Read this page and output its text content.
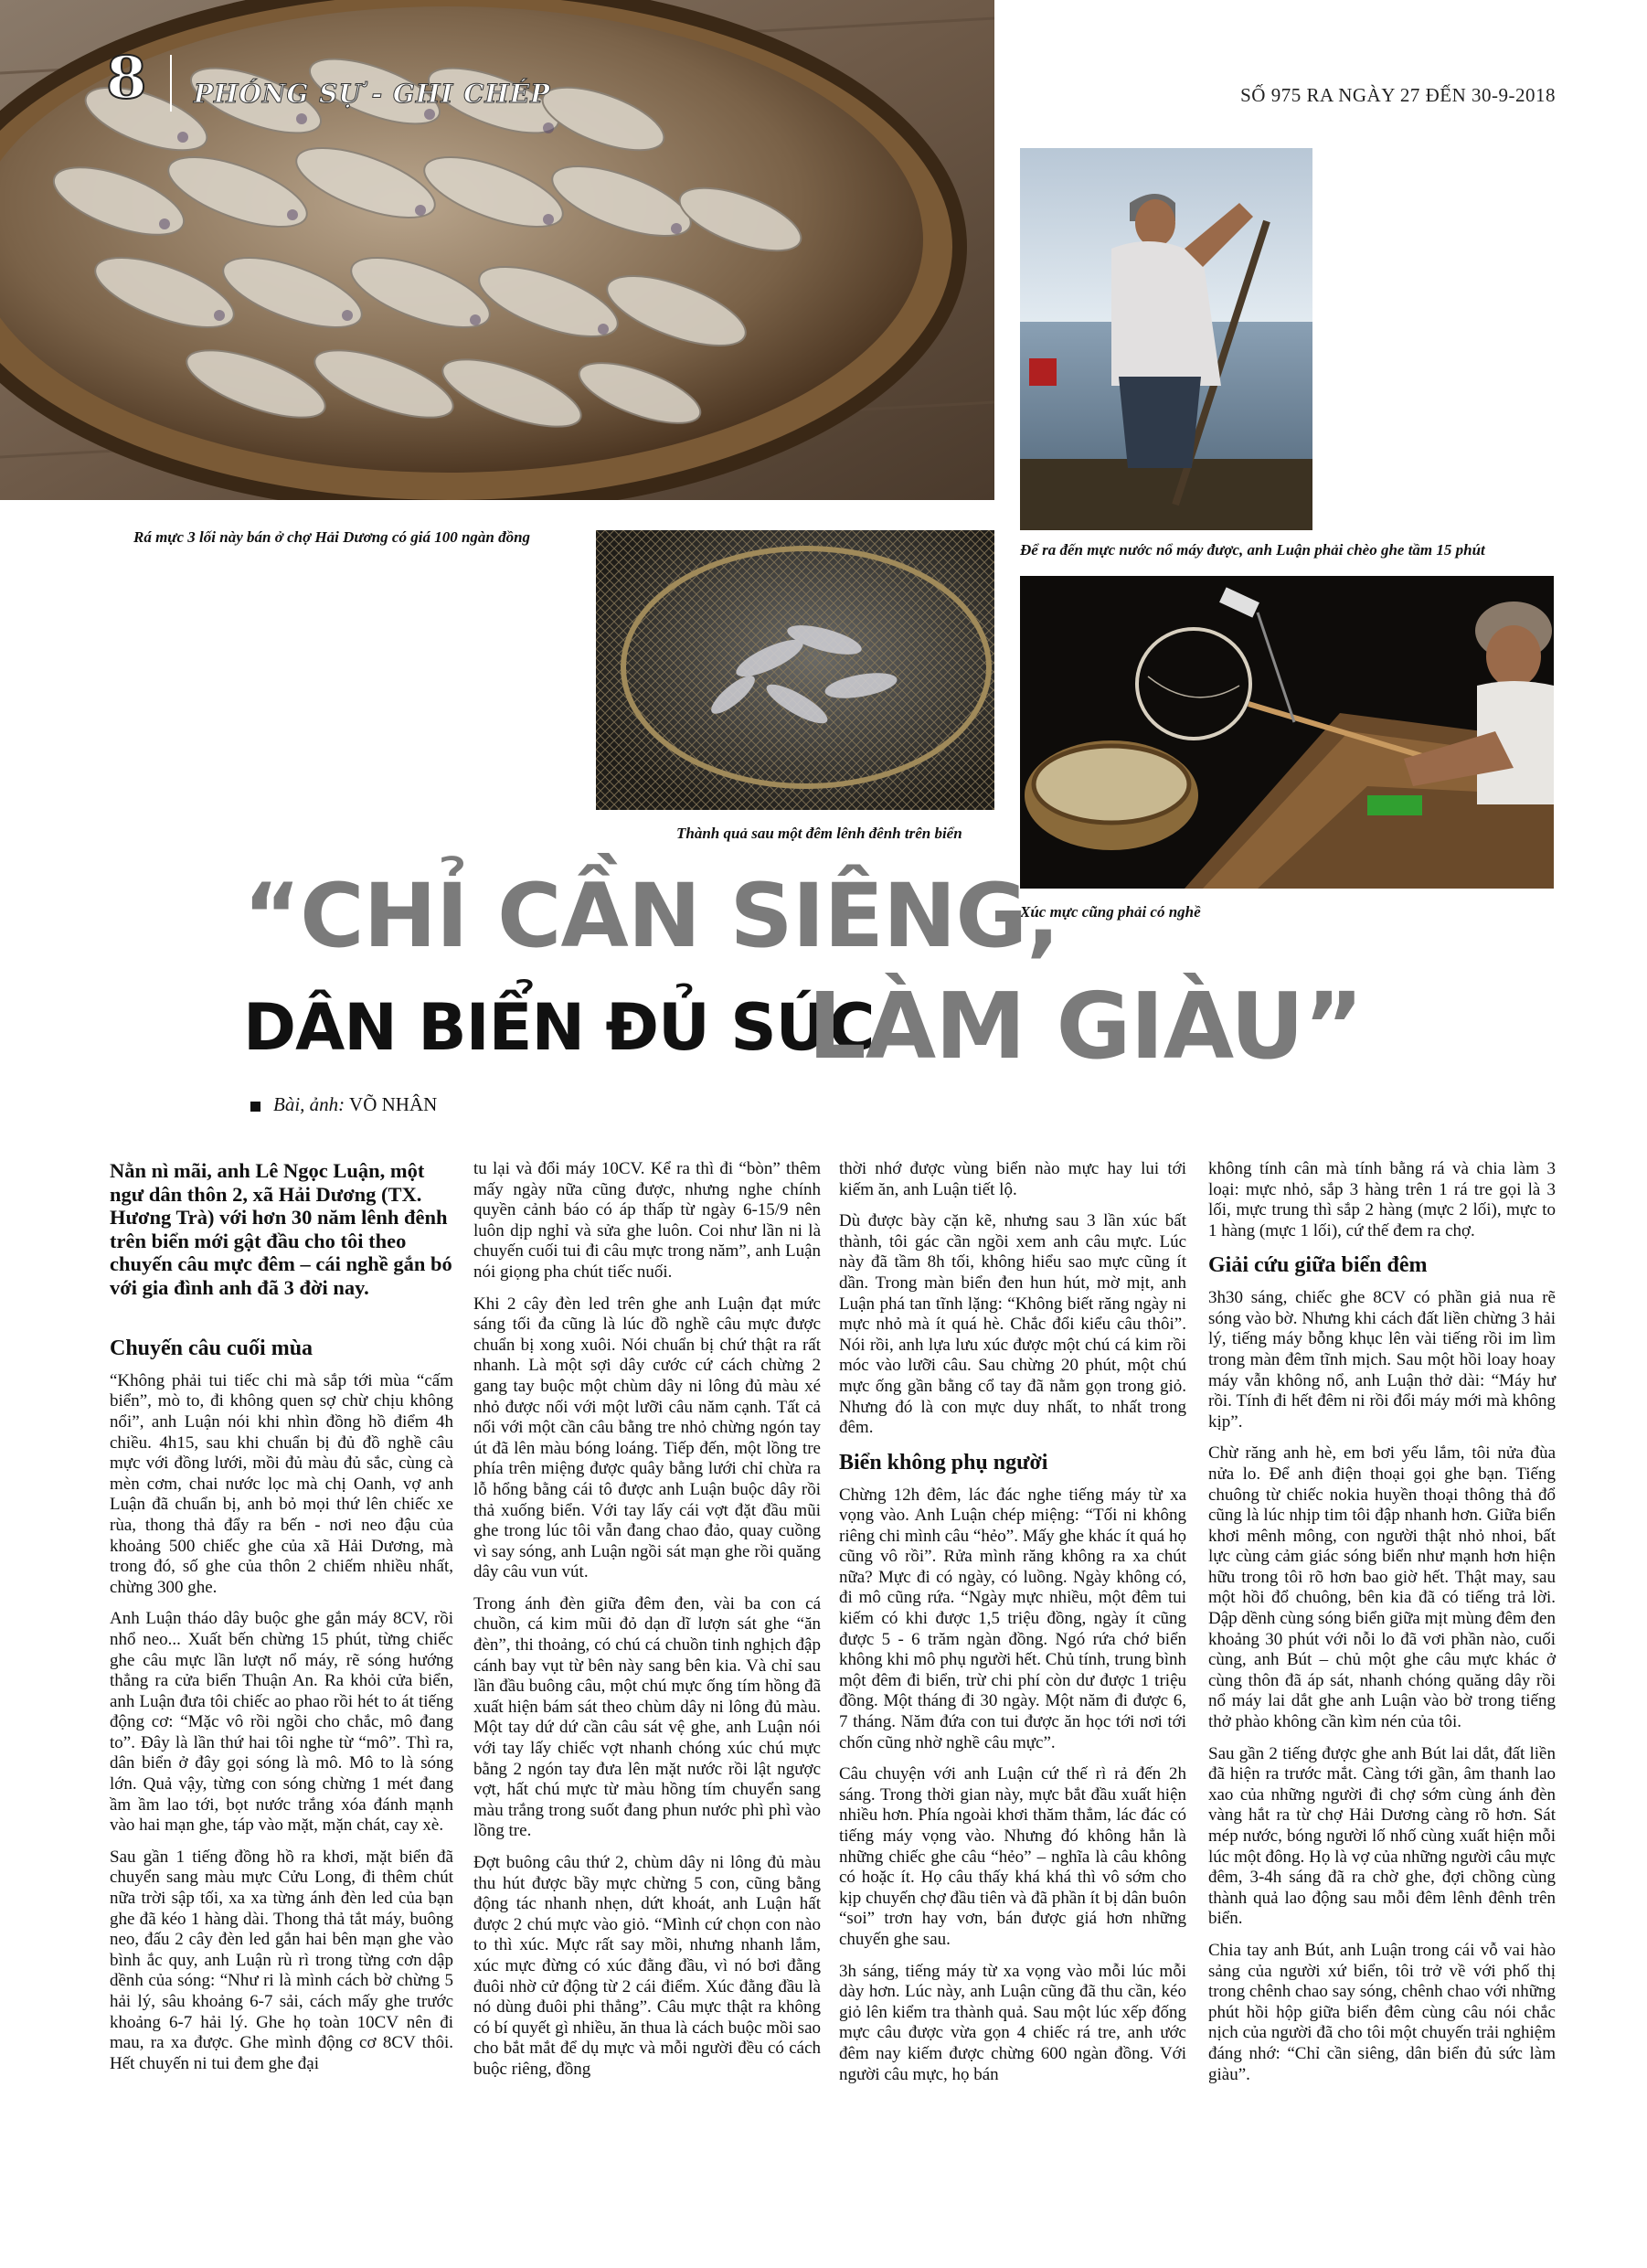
8 PHÓNG SỰ - GHI CHÉP	SỐ 975 RA NGÀY 27 ĐẾN 30-9-2018
Để ra đến mực nước nổ máy được, anh Luận phải chèo ghe tầm 15 phút
Rá mực 3 lối này bán ở chợ Hải Dương có giá 100 ngàn đồng
Thành quả sau một đêm lênh đênh trên biển
Xúc mực cũng phải có nghề
“CHỈ CẦN SIÊNG,
DÂN BIỂN ĐỦ SỨC
LÀM GIÀU”
Bài, ảnh: VÕ NHÂN

Nằn nì mãi, anh Lê Ngọc Luận, một ngư dân thôn 2, xã Hải Dương (TX. Hương Trà) với hơn 30 năm lênh đênh trên biển mới gật đầu cho tôi theo chuyến câu mực đêm – cái nghề gắn bó với gia đình anh đã 3 đời nay.

Chuyến câu cuối mùa

“Không phải tui tiếc chi mà sắp tới mùa “cấm biển”, mò to, đi không quen sợ chừ chịu không nổi”, anh Luận nói khi nhìn đồng hồ điểm 4h chiều. 4h15, sau khi chuẩn bị đủ đồ nghề câu mực với đồng lưới, mồi đủ màu đủ sắc, cùng cà mèn cơm, chai nước lọc mà chị Oanh, vợ anh Luận đã chuẩn bị, anh bỏ mọi thứ lên chiếc xe rùa, thong thả đẩy ra bến - nơi neo đậu của khoảng 500 chiếc ghe của xã Hải Dương, mà trong đó, số ghe của thôn 2 chiếm nhiều nhất, chừng 300 ghe.

Anh Luận tháo dây buộc ghe gắn máy 8CV, rồi nhổ neo... Xuất bến chừng 15 phút, từng chiếc ghe câu mực lần lượt nổ máy, rẽ sóng hướng thẳng ra cửa biển Thuận An. Ra khỏi cửa biển, anh Luận đưa tôi chiếc ao phao rồi hét to át tiếng động cơ: “Mặc vô rồi ngồi cho chắc, mô đang to”. Đây là lần thứ hai tôi nghe từ “mô”. Thì ra, dân biển ở đây gọi sóng là mô. Mô to là sóng lớn. Quả vậy, từng con sóng chừng 1 mét đang ầm ầm lao tới, bọt nước trắng xóa đánh mạnh vào hai mạn ghe, táp vào mặt, mặn chát, cay xè.

Sau gần 1 tiếng đồng hồ ra khơi, mặt biển đã chuyển sang màu mực Cửu Long, đi thêm chút nữa trời sập tối, xa xa từng ánh đèn led của bạn ghe đã kéo 1 hàng dài. Thong thả tắt máy, buông neo, đấu 2 cây đèn led gắn hai bên mạn ghe vào bình ắc quy, anh Luận rù rì trong từng cơn dập dềnh của sóng: “Như ri là mình cách bờ chừng 5 hải lý, sâu khoảng 6-7 sải, cách mấy ghe trước khoảng 6-7 hải lý. Ghe họ toàn 10CV nên đi mau, ra xa được. Ghe mình động cơ 8CV thôi. Hết chuyến ni tui đem ghe đại

tu lại và đổi máy 10CV. Kể ra thì đi “bòn” thêm mấy ngày nữa cũng được, nhưng nghe chính quyền cảnh báo có áp thấp từ ngày 6-15/9 nên luôn dịp nghỉ và sửa ghe luôn. Coi như lần ni là chuyến cuối tui đi câu mực trong năm”, anh Luận nói giọng pha chút tiếc nuối.

Khi 2 cây đèn led trên ghe anh Luận đạt mức sáng tối đa cũng là lúc đồ nghề câu mực được chuẩn bị xong xuôi. Nói chuẩn bị chứ thật ra rất nhanh. Là một sợi dây cước cứ cách chừng 2 gang tay buộc một chùm dây ni lông đủ màu xé nhỏ được nối với một lưỡi câu năm cạnh. Tất cả nối với một cần câu bằng tre nhỏ chừng ngón tay út đã lên màu bóng loáng. Tiếp đến, một lồng tre phía trên miệng được quây bằng lưới chỉ chừa ra lỗ hổng bằng cái tô được anh Luận buộc dây rồi thả xuống biển. Với tay lấy cái vợt đặt đầu mũi ghe trong lúc tôi vẫn đang chao đảo, quay cuồng vì say sóng, anh Luận ngồi sát mạn ghe rồi quăng dây câu vun vút.

Trong ánh đèn giữa đêm đen, vài ba con cá chuồn, cá kim mũi đỏ dạn dĩ lượn sát ghe “ăn đèn”, thi thoảng, có chú cá chuồn tinh nghịch đập cánh bay vụt từ bên này sang bên kia. Và chỉ sau lần đầu buông câu, một chú mực ống tím hồng đã xuất hiện bám sát theo chùm dây ni lông đủ màu. Một tay dứ dứ cần câu sát vệ ghe, anh Luận nói với tay lấy chiếc vợt nhanh chóng xúc chú mực bằng 2 ngón tay đưa lên mặt nước rồi lật ngược vợt, hất chú mực từ màu hồng tím chuyển sang màu trắng trong suốt đang phun nước phì phì vào lồng tre.

Đợt buông câu thứ 2, chùm dây ni lông đủ màu thu hút được bầy mực chừng 5 con, cũng bằng động tác nhanh nhẹn, dứt khoát, anh Luận hất được 2 chú mực vào giỏ. “Mình cứ chọn con nào to thì xúc. Mực rất say mồi, nhưng nhanh lắm, xúc mực đừng có xúc đằng đầu, vì nó bơi đằng đuôi nhờ cử động từ 2 cái điểm. Xúc đằng đầu là nó dùng đuôi phi thẳng”. Câu mực thật ra không có bí quyết gì nhiều, ăn thua là cách buộc mồi sao cho bắt mắt để dụ mực và mỗi người đều có cách buộc riêng, đồng

thời nhớ được vùng biển nào mực hay lui tới kiếm ăn, anh Luận tiết lộ.

Dù được bày cặn kẽ, nhưng sau 3 lần xúc bất thành, tôi gác cần ngồi xem anh câu mực. Lúc này đã tầm 8h tối, không hiểu sao mực cũng ít dần. Trong màn biển đen hun hút, mờ mịt, anh Luận phá tan tĩnh lặng: “Không biết răng ngày ni mực nhỏ mà ít quá hè. Chắc đổi kiểu câu thôi”. Nói rồi, anh lựa lưu xúc được một chú cá kim rồi móc vào lưỡi câu. Sau chừng 20 phút, một chú mực ống gần bằng cổ tay đã nằm gọn trong giỏ. Nhưng đó là con mực duy nhất, to nhất trong đêm.

Biển không phụ người

Chừng 12h đêm, lác đác nghe tiếng máy từ xa vọng vào. Anh Luận chép miệng: “Tối ni không riêng chi mình câu “hẻo”. Mấy ghe khác ít quá họ cũng vô rồi”. Rửa mình răng không ra xa chút nữa? Mực đi có ngày, có luồng. Ngày không có, đi mô cũng rứa. “Ngày mực nhiều, một đêm tui kiếm có khi được 1,5 triệu đồng, ngày ít cũng được 5 - 6 trăm ngàn đồng. Ngó rứa chớ biển không khi mô phụ người hết. Chủ tính, trung bình một đêm đi biển, trừ chi phí còn dư được 1 triệu đồng. Một tháng đi 30 ngày. Một năm đi được 6, 7 tháng. Năm đứa con tui được ăn học tới nơi tới chốn cũng nhờ nghề câu mực”.

Câu chuyện với anh Luận cứ thế rì rả đến 2h sáng. Trong thời gian này, mực bắt đầu xuất hiện nhiều hơn. Phía ngoài khơi thăm thẳm, lác đác có tiếng máy vọng vào. Nhưng đó không hẳn là những chiếc ghe câu “hẻo” – nghĩa là câu không có hoặc ít. Họ câu thấy khá khá thì vô sớm cho kịp chuyến chợ đầu tiên và đã phần ít bị dân buôn “soi” trơn hay vơn, bán được giá hơn những chuyến ghe sau.

3h sáng, tiếng máy từ xa vọng vào mỗi lúc mỗi dày hơn. Lúc này, anh Luận cũng đã thu cần, kéo giỏ lên kiểm tra thành quả. Sau một lúc xếp đống mực câu được vừa gọn 4 chiếc rá tre, anh ước đêm nay kiếm được chừng 600 ngàn đồng. Với người câu mực, họ bán

không tính cân mà tính bằng rá và chia làm 3 loại: mực nhỏ, sắp 3 hàng trên 1 rá tre gọi là 3 lối, mực trung thì sắp 2 hàng (mực 2 lối), mực to 1 hàng (mực 1 lối), cứ thế đem ra chợ.

Giải cứu giữa biển đêm

3h30 sáng, chiếc ghe 8CV có phần giả nua rẽ sóng vào bờ. Nhưng khi cách đất liền chừng 3 hải lý, tiếng máy bỗng khục lên vài tiếng rồi im lìm trong màn đêm tĩnh mịch. Sau một hồi loay hoay máy vẫn không nổ, anh Luận thở dài: “Máy hư rồi. Tính đi hết đêm ni rồi đổi máy mới mà không kịp”.

Chừ răng anh hè, em bơi yếu lắm, tôi nửa đùa nửa lo. Để anh điện thoại gọi ghe bạn. Tiếng chuông từ chiếc nokia huyền thoại thông thả đổ cũng là lúc nhịp tim tôi đập nhanh hơn. Giữa biển khơi mênh mông, con người thật nhỏ nhoi, bất lực cùng cảm giác sóng biển như mạnh hơn hiện hữu trong tôi rõ hơn bao giờ hết. Thật may, sau một hồi đổ chuông, bên kia đã có tiếng trả lời. Dập dềnh cùng sóng biển giữa mịt mùng đêm đen khoảng 30 phút với nỗi lo đã vơi phần nào, cuối cùng, anh Bút – chủ một ghe câu mực khác ở cùng thôn đã áp sát, nhanh chóng quăng dây rồi nổ máy lai dắt ghe anh Luận vào bờ trong tiếng thở phào không cần kìm nén của tôi.

Sau gần 2 tiếng được ghe anh Bút lai dắt, đất liền đã hiện ra trước mắt. Càng tới gần, âm thanh lao xao của những người đi chợ sớm cùng ánh đèn vàng hắt ra từ chợ Hải Dương càng rõ hơn. Sát mép nước, bóng người lố nhố cùng xuất hiện mỗi lúc một đông. Họ là vợ của những người câu mực đêm, 3-4h sáng đã ra chờ ghe, đợi chồng cùng thành quả lao động sau mỗi đêm lênh đênh trên biển.

Chia tay anh Bút, anh Luận trong cái vỗ vai hào sảng của người xứ biển, tôi trở về với phố thị trong chênh chao say sóng, chênh chao với những phút hồi hộp giữa biển đêm cùng câu nói chắc nịch của người đã cho tôi một chuyến trải nghiệm đáng nhớ: “Chỉ cần siêng, dân biển đủ sức làm giàu”.
